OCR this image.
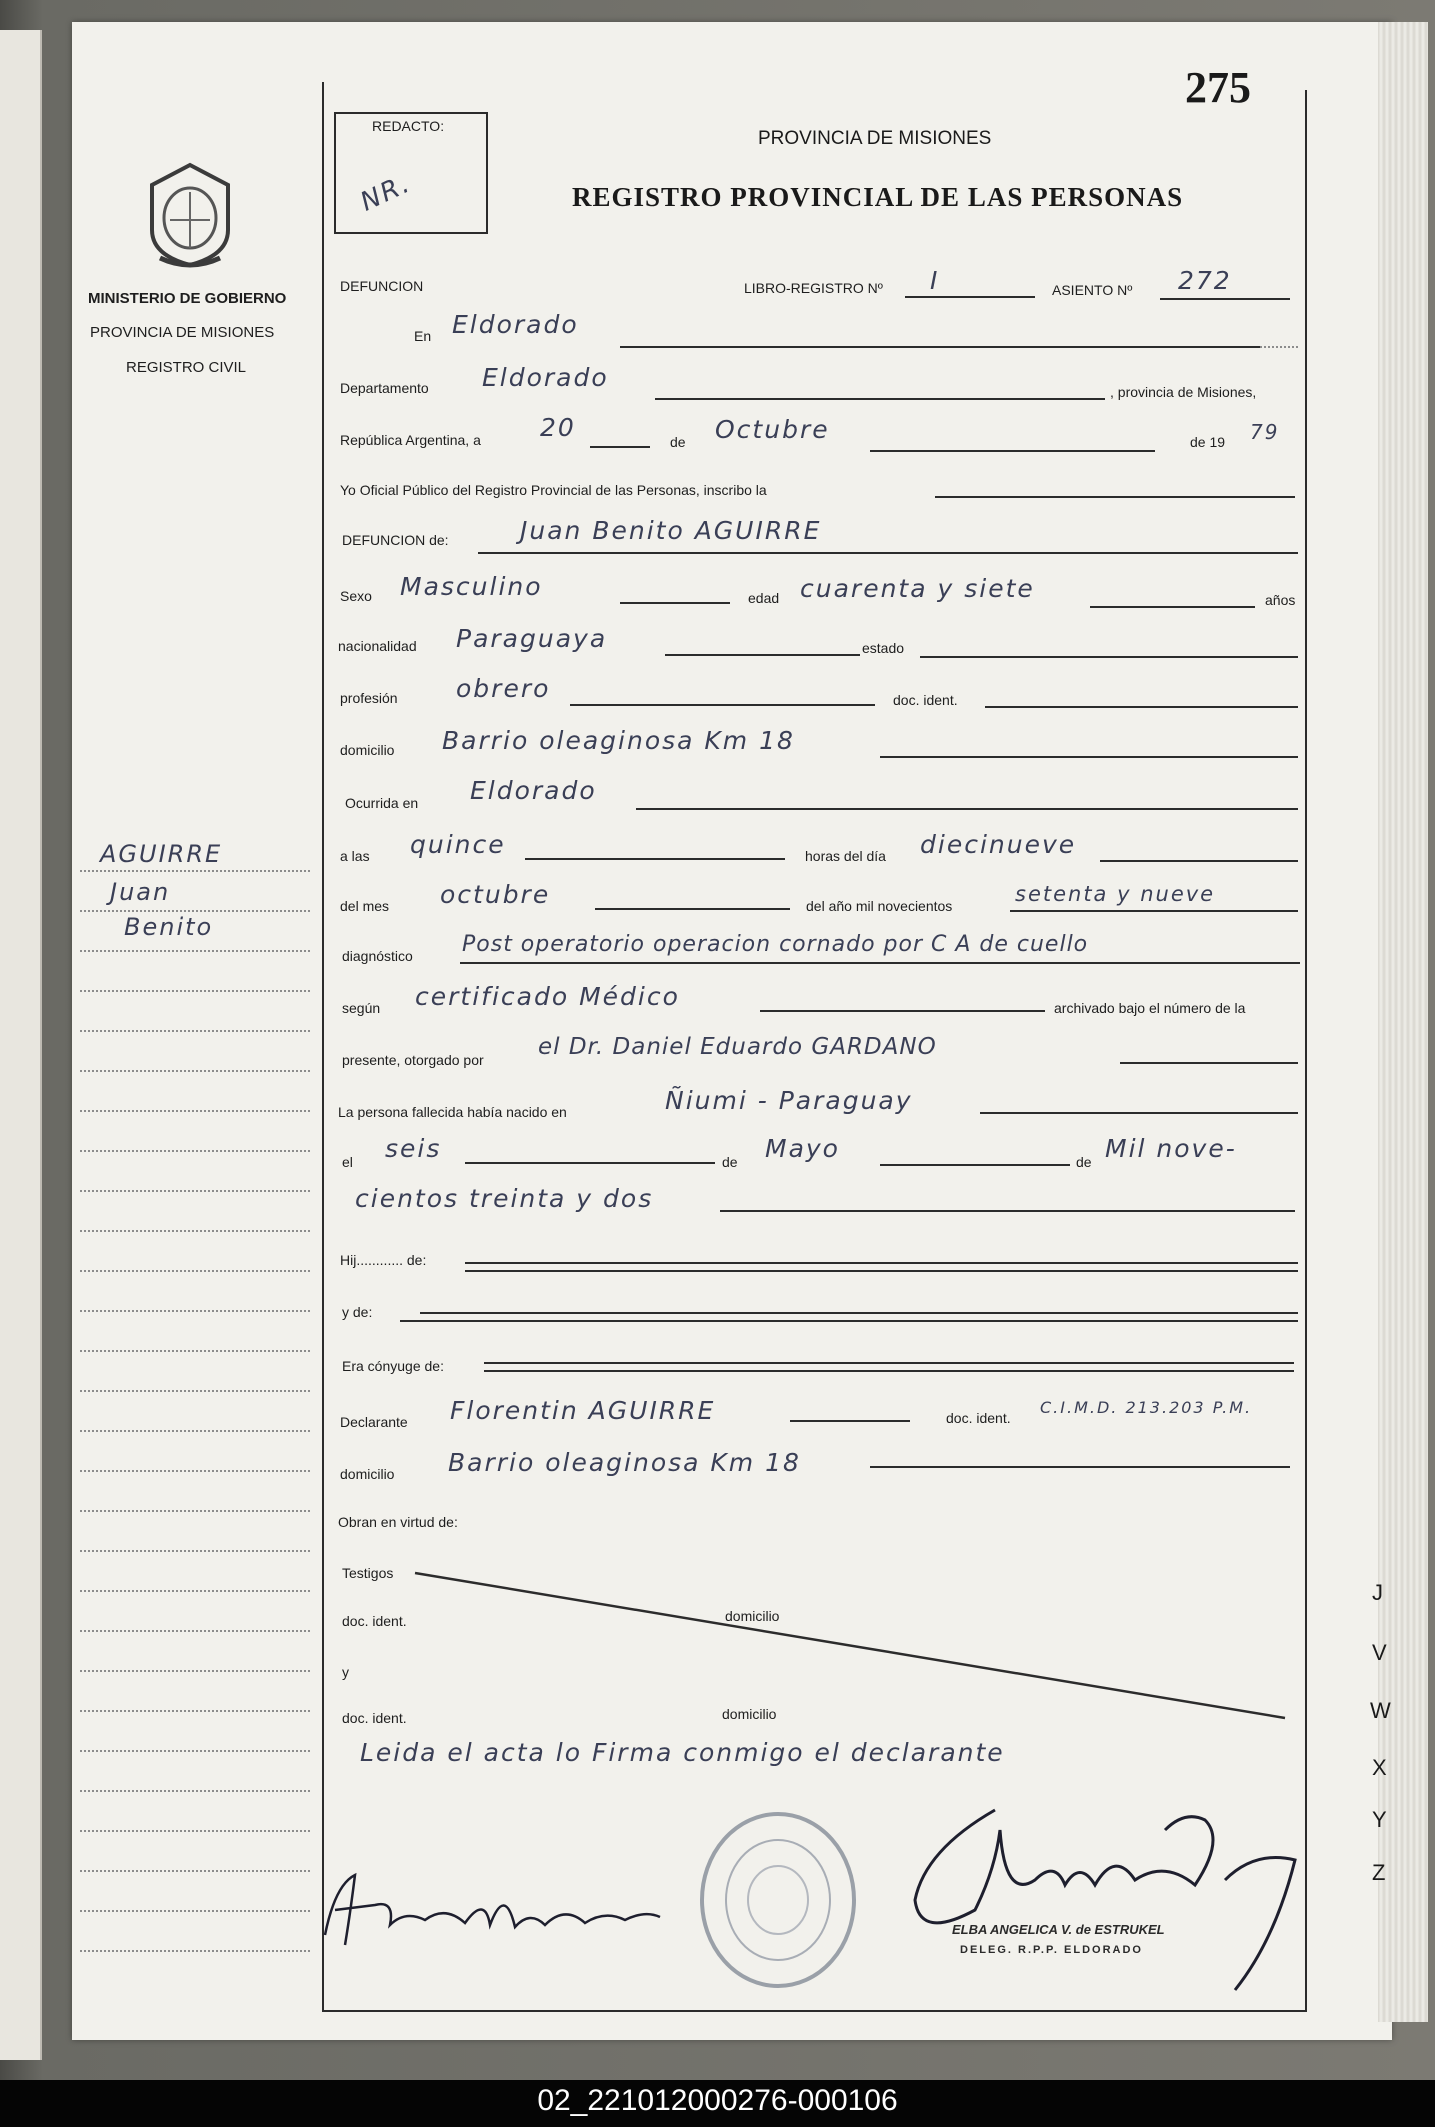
275
PROVINCIA DE MISIONES
REGISTRO PROVINCIAL DE LAS PERSONAS
REDACTO:
NR.
MINISTERIO DE GOBIERNO
PROVINCIA DE MISIONES
REGISTRO CIVIL
AGUIRRE
Juan
Benito
J
V
W
X
Y
Z
DEFUNCION	LIBRO-REGISTRO Nº I	ASIENTO Nº 272
En Eldorado
Departamento Eldorado	, provincia de Misiones,
República Argentina, a 20	de Octubre	de 19 79
Yo Oficial Público del Registro Provincial de las Personas, inscribo la
DEFUNCION de:	Juan Benito AGUIRRE
Sexo Masculino	edad cuarenta y siete	años
nacionalidad Paraguaya	estado
profesión obrero	doc. ident.
domicilio Barrio oleaginosa Km 18
Ocurrida en Eldorado
a las quince	horas del día diecinueve
del mes octubre	del año mil novecientos	setenta y nueve
diagnóstico Post operatorio operacion cornado por C A de cuello
según certificado Médico	archivado bajo el número de la
presente, otorgado por el Dr. Daniel Eduardo GARDANO
La persona fallecida había nacido en	Ñiumi - Paraguay
el seis	de Mayo	de Mil nove-
cientos treinta y dos
Hij............ de:
y de:
Era cónyuge de:
Declarante Florentin AGUIRRE	doc. ident.
C.I.M.D. 213.203 P.M.
domicilio Barrio oleaginosa Km 18
Obran en virtud de:
Testigos
doc. ident.	domicilio
y
doc. ident.	domicilio
Leida el acta lo Firma conmigo el declarante
ELBA ANGELICA V. de ESTRUKEL
DELEG. R.P.P. ELDORADO
02_221012000276-000106
